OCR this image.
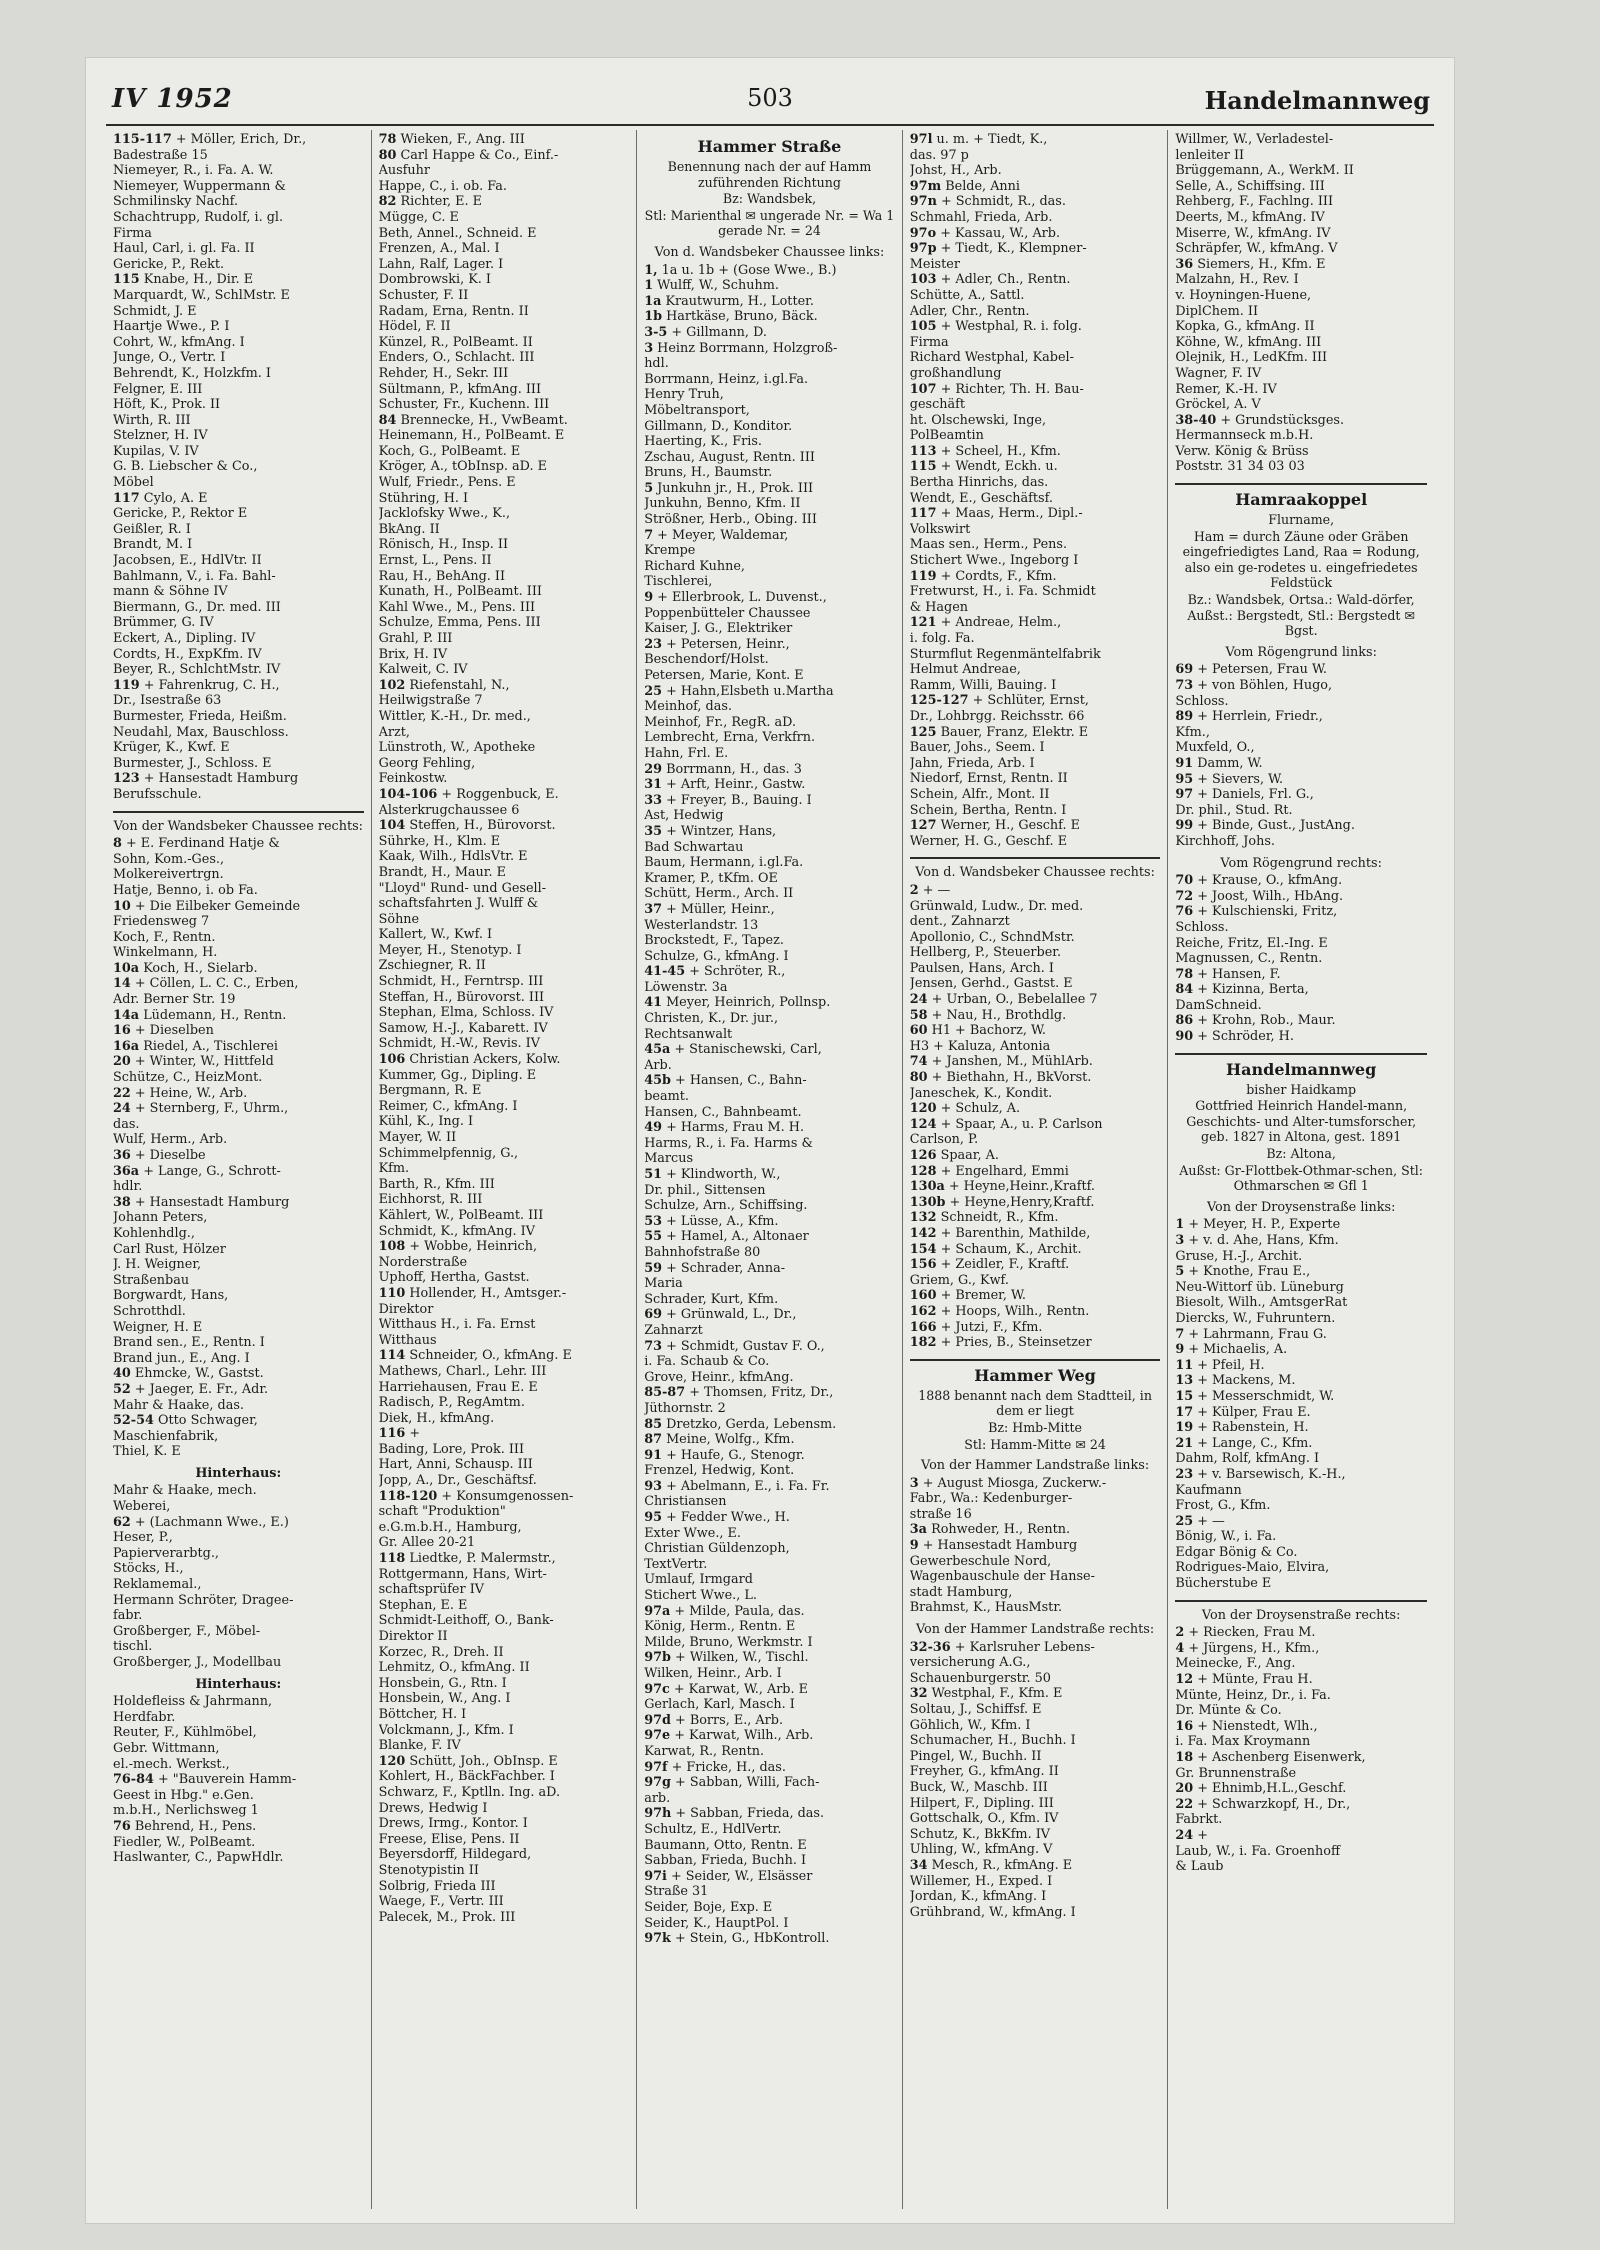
IV 1952	503	Handelmannweg
115-117 + Möller, Erich, Dr.,
Badestraße 15
Niemeyer, R., i. Fa. A. W.
Niemeyer, Wuppermann &
Schmilinsky Nachf.
Schachtrupp, Rudolf, i. gl.
Firma
Haul, Carl, i. gl. Fa. II
Gericke, P., Rekt.
115 Knabe, H., Dir. E
Marquardt, W., SchlMstr. E
Schmidt, J. E
Haartje Wwe., P. I
Cohrt, W., kfmAng. I
Junge, O., Vertr. I
Behrendt, K., Holzkfm. I
Felgner, E. III
Höft, K., Prok. II
Wirth, R. III
Stelzner, H. IV
Kupilas, V. IV
G. B. Liebscher & Co.,
Möbel
117 Cylo, A. E
Gericke, P., Rektor E
Geißler, R. I
Brandt, M. I
Jacobsen, E., HdlVtr. II
Bahlmann, V., i. Fa. Bahl-
mann & Söhne IV
Biermann, G., Dr. med. III
Brümmer, G. IV
Eckert, A., Dipling. IV
Cordts, H., ExpKfm. IV
Beyer, R., SchlchtMstr. IV
119 + Fahrenkrug, C. H.,
Dr., Isestraße 63
Burmester, Frieda, Heißm.
Neudahl, Max, Bauschloss.
Krüger, K., Kwf. E
Burmester, J., Schloss. E
123 + Hansestadt Hamburg
Berufsschule.
Von der Wandsbeker Chaussee rechts:
8 + E. Ferdinand Hatje &
Sohn, Kom.-Ges.,
Molkereivertrgn.
Hatje, Benno, i. ob Fa.
10 + Die Eilbeker Gemeinde
Friedensweg 7
Koch, F., Rentn.
Winkelmann, H.
10a Koch, H., Sielarb.
14 + Cöllen, L. C. C., Erben,
Adr. Berner Str. 19
14a Lüdemann, H., Rentn.
16 + Dieselben
16a Riedel, A., Tischlerei
20 + Winter, W., Hittfeld
Schütze, C., HeizMont.
22 + Heine, W., Arb.
24 + Sternberg, F., Uhrm.,
das.
Wulf, Herm., Arb.
36 + Dieselbe
36a + Lange, G., Schrott-
hdlr.
38 + Hansestadt Hamburg
Johann Peters,
Kohlenhdlg.,
Carl Rust, Hölzer
J. H. Weigner,
Straßenbau
Borgwardt, Hans,
Schrotthdl.
Weigner, H. E
Brand sen., E., Rentn. I
Brand jun., E., Ang. I
40 Ehmcke, W., Gastst.
52 + Jaeger, E. Fr., Adr.
Mahr & Haake, das.
52-54 Otto Schwager,
Maschienfabrik,
Thiel, K. E
Hinterhaus:
Mahr & Haake, mech.
Weberei,
62 + (Lachmann Wwe., E.)
Heser, P.,
Papierverarbtg.,
Stöcks, H.,
Reklamemal.,
Hermann Schröter, Dragee-
fabr.
Großberger, F., Möbel-
tischl.
Großberger, J., Modellbau
Hinterhaus:
Holdefleiss & Jahrmann,
Herdfabr.
Reuter, F., Kühlmöbel,
Gebr. Wittmann,
el.-mech. Werkst.,
76-84 + "Bauverein Hamm-
Geest in Hbg." e.Gen.
m.b.H., Nerlichsweg 1
76 Behrend, H., Pens.
Fiedler, W., PolBeamt.
Haslwanter, C., PapwHdlr.
78 Wieken, F., Ang. III
80 Carl Happe & Co., Einf.-
Ausfuhr
Happe, C., i. ob. Fa.
82 Richter, E. E
Mügge, C. E
Beth, Annel., Schneid. E
Frenzen, A., Mal. I
Lahn, Ralf, Lager. I
Dombrowski, K. I
Schuster, F. II
Radam, Erna, Rentn. II
Hödel, F. II
Künzel, R., PolBeamt. II
Enders, O., Schlacht. III
Rehder, H., Sekr. III
Sültmann, P., kfmAng. III
Schuster, Fr., Kuchenn. III
84 Brennecke, H., VwBeamt.
Heinemann, H., PolBeamt. E
Koch, G., PolBeamt. E
Kröger, A., tObInsp. aD. E
Wulf, Friedr., Pens. E
Stühring, H. I
Jacklofsky Wwe., K.,
BkAng. II
Rönisch, H., Insp. II
Ernst, L., Pens. II
Rau, H., BehAng. II
Kunath, H., PolBeamt. III
Kahl Wwe., M., Pens. III
Schulze, Emma, Pens. III
Grahl, P. III
Brix, H. IV
Kalweit, C. IV
102 Riefenstahl, N.,
Heilwigstraße 7
Wittler, K.-H., Dr. med.,
Arzt,
Lünstroth, W., Apotheke
Georg Fehling,
Feinkostw.
104-106 + Roggenbuck, E.
Alsterkrugchaussee 6
104 Steffen, H., Bürovorst.
Sührke, H., Klm. E
Kaak, Wilh., HdlsVtr. E
Brandt, H., Maur. E
"Lloyd" Rund- und Gesell-
schaftsfahrten J. Wulff &
Söhne
Kallert, W., Kwf. I
Meyer, H., Stenotyp. I
Zschiegner, R. II
Schmidt, H., Ferntrsp. III
Steffan, H., Bürovorst. III
Stephan, Elma, Schloss. IV
Samow, H.-J., Kabarett. IV
Schmidt, H.-W., Revis. IV
106 Christian Ackers, Kolw.
Kummer, Gg., Dipling. E
Bergmann, R. E
Reimer, C., kfmAng. I
Kühl, K., Ing. I
Mayer, W. II
Schimmelpfennig, G.,
Kfm.
Barth, R., Kfm. III
Eichhorst, R. III
Kählert, W., PolBeamt. III
Schmidt, K., kfmAng. IV
108 + Wobbe, Heinrich,
Norderstraße
Uphoff, Hertha, Gastst.
110 Hollender, H., Amtsger.-
Direktor
Witthaus H., i. Fa. Ernst
Witthaus
114 Schneider, O., kfmAng. E
Mathews, Charl., Lehr. III
Harriehausen, Frau E. E
Radisch, P., RegAmtm.
Diek, H., kfmAng.
116 +
Bading, Lore, Prok. III
Hart, Anni, Schausp. III
Jopp, A., Dr., Geschäftsf.
118-120 + Konsumgenossen-
schaft "Produktion"
e.G.m.b.H., Hamburg,
Gr. Allee 20-21
118 Liedtke, P. Malermstr.,
Rottgermann, Hans, Wirt-
schaftsprüfer IV
Stephan, E. E
Schmidt-Leithoff, O., Bank-
Direktor II
Korzec, R., Dreh. II
Lehmitz, O., kfmAng. II
Honsbein, G., Rtn. I
Honsbein, W., Ang. I
Böttcher, H. I
Volckmann, J., Kfm. I
Blanke, F. IV
120 Schütt, Joh., ObInsp. E
Kohlert, H., BäckFachber. I
Schwarz, F., Kptlln. Ing. aD.
Drews, Hedwig I
Drews, Irmg., Kontor. I
Freese, Elise, Pens. II
Beyersdorff, Hildegard,
Stenotypistin II
Solbrig, Frieda III
Waege, F., Vertr. III
Palecek, M., Prok. III
Hammer Straße
Benennung nach der auf Hamm zuführenden Richtung
Bz: Wandsbek,
Stl: Marienthal ✉ ungerade Nr. = Wa 1 gerade Nr. = 24
Von d. Wandsbeker Chaussee links:
1, 1a u. 1b + (Gose Wwe., B.)
1 Wulff, W., Schuhm.
1a Krautwurm, H., Lotter.
1b Hartkäse, Bruno, Bäck.
3-5 + Gillmann, D.
3 Heinz Borrmann, Holzgroß-
hdl.
Borrmann, Heinz, i.gl.Fa.
Henry Truh,
Möbeltransport,
Gillmann, D., Konditor.
Haerting, K., Fris.
Zschau, August, Rentn. III
Bruns, H., Baumstr.
5 Junkuhn jr., H., Prok. III
Junkuhn, Benno, Kfm. II
Strößner, Herb., Obing. III
7 + Meyer, Waldemar,
Krempe
Richard Kuhne,
Tischlerei,
9 + Ellerbrook, L. Duvenst.,
Poppenbütteler Chaussee
Kaiser, J. G., Elektriker
23 + Petersen, Heinr.,
Beschendorf/Holst.
Petersen, Marie, Kont. E
25 + Hahn,Elsbeth u.Martha
Meinhof, das.
Meinhof, Fr., RegR. aD.
Lembrecht, Erna, Verkfrn.
Hahn, Frl. E.
29 Borrmann, H., das. 3
31 + Arft, Heinr., Gastw.
33 + Freyer, B., Bauing. I
Ast, Hedwig
35 + Wintzer, Hans,
Bad Schwartau
Baum, Hermann, i.gl.Fa.
Kramer, P., tKfm. OE
Schütt, Herm., Arch. II
37 + Müller, Heinr.,
Westerlandstr. 13
Brockstedt, F., Tapez.
Schulze, G., kfmAng. I
41-45 + Schröter, R.,
Löwenstr. 3a
41 Meyer, Heinrich, Pollnsp.
Christen, K., Dr. jur.,
Rechtsanwalt
45a + Stanischewski, Carl,
Arb.
45b + Hansen, C., Bahn-
beamt.
Hansen, C., Bahnbeamt.
49 + Harms, Frau M. H.
Harms, R., i. Fa. Harms &
Marcus
51 + Klindworth, W.,
Dr. phil., Sittensen
Schulze, Arn., Schiffsing.
53 + Lüsse, A., Kfm.
55 + Hamel, A., Altonaer
Bahnhofstraße 80
59 + Schrader, Anna-
Maria
Schrader, Kurt, Kfm.
69 + Grünwald, L., Dr.,
Zahnarzt
73 + Schmidt, Gustav F. O.,
i. Fa. Schaub & Co.
Grove, Heinr., kfmAng.
85-87 + Thomsen, Fritz, Dr.,
Jüthornstr. 2
85 Dretzko, Gerda, Lebensm.
87 Meine, Wolfg., Kfm.
91 + Haufe, G., Stenogr.
Frenzel, Hedwig, Kont.
93 + Abelmann, E., i. Fa. Fr.
Christiansen
95 + Fedder Wwe., H.
Exter Wwe., E.
Christian Güldenzoph,
TextVertr.
Umlauf, Irmgard
Stichert Wwe., L.
97a + Milde, Paula, das.
König, Herm., Rentn. E
Milde, Bruno, Werkmstr. I
97b + Wilken, W., Tischl.
Wilken, Heinr., Arb. I
97c + Karwat, W., Arb. E
Gerlach, Karl, Masch. I
97d + Borrs, E., Arb.
97e + Karwat, Wilh., Arb.
Karwat, R., Rentn.
97f + Fricke, H., das.
97g + Sabban, Willi, Fach-
arb.
97h + Sabban, Frieda, das.
Schultz, E., HdlVertr.
Baumann, Otto, Rentn. E
Sabban, Frieda, Buchh. I
97i + Seider, W., Elsässer
Straße 31
Seider, Boje, Exp. E
Seider, K., HauptPol. I
97k + Stein, G., HbKontroll.
97l u. m. + Tiedt, K.,
das. 97 p
Johst, H., Arb.
97m Belde, Anni
97n + Schmidt, R., das.
Schmahl, Frieda, Arb.
97o + Kassau, W., Arb.
97p + Tiedt, K., Klempner-
Meister
103 + Adler, Ch., Rentn.
Schütte, A., Sattl.
Adler, Chr., Rentn.
105 + Westphal, R. i. folg.
Firma
Richard Westphal, Kabel-
großhandlung
107 + Richter, Th. H. Bau-
geschäft
ht. Olschewski, Inge,
PolBeamtin
113 + Scheel, H., Kfm.
115 + Wendt, Eckh. u.
Bertha Hinrichs, das.
Wendt, E., Geschäftsf.
117 + Maas, Herm., Dipl.-
Volkswirt
Maas sen., Herm., Pens.
Stichert Wwe., Ingeborg I
119 + Cordts, F., Kfm.
Fretwurst, H., i. Fa. Schmidt
& Hagen
121 + Andreae, Helm.,
i. folg. Fa.
Sturmflut Regenmäntelfabrik
Helmut Andreae,
Ramm, Willi, Bauing. I
125-127 + Schlüter, Ernst,
Dr., Lohbrgg. Reichsstr. 66
125 Bauer, Franz, Elektr. E
Bauer, Johs., Seem. I
Jahn, Frieda, Arb. I
Niedorf, Ernst, Rentn. II
Schein, Alfr., Mont. II
Schein, Bertha, Rentn. I
127 Werner, H., Geschf. E
Werner, H. G., Geschf. E
Von d. Wandsbeker Chaussee rechts:
2 + —
Grünwald, Ludw., Dr. med.
dent., Zahnarzt
Apollonio, C., SchndMstr.
Hellberg, P., Steuerber.
Paulsen, Hans, Arch. I
Jensen, Gerhd., Gastst. E
24 + Urban, O., Bebelallee 7
58 + Nau, H., Brothdlg.
60 H1 + Bachorz, W.
H3 + Kaluza, Antonia
74 + Janshen, M., MühlArb.
80 + Biethahn, H., BkVorst.
Janeschek, K., Kondit.
120 + Schulz, A.
124 + Spaar, A., u. P. Carlson
Carlson, P.
126 Spaar, A.
128 + Engelhard, Emmi
130a + Heyne,Heinr.,Kraftf.
130b + Heyne,Henry,Kraftf.
132 Schneidt, R., Kfm.
142 + Barenthin, Mathilde,
154 + Schaum, K., Archit.
156 + Zeidler, F., Kraftf.
Griem, G., Kwf.
160 + Bremer, W.
162 + Hoops, Wilh., Rentn.
166 + Jutzi, F., Kfm.
182 + Pries, B., Steinsetzer
Hammer Weg
1888 benannt nach dem Stadtteil, in dem er liegt
Bz: Hmb-Mitte
Stl: Hamm-Mitte ✉ 24
Von der Hammer Landstraße links:
3 + August Miosga, Zuckerw.-
Fabr., Wa.: Kedenburger-
straße 16
3a Rohweder, H., Rentn.
9 + Hansestadt Hamburg
Gewerbeschule Nord,
Wagenbauschule der Hanse-
stadt Hamburg,
Brahmst, K., HausMstr.
Von der Hammer Landstraße rechts:
32-36 + Karlsruher Lebens-
versicherung A.G.,
Schauenburgerstr. 50
32 Westphal, F., Kfm. E
Soltau, J., Schiffsf. E
Göhlich, W., Kfm. I
Schumacher, H., Buchh. I
Pingel, W., Buchh. II
Freyher, G., kfmAng. II
Buck, W., Maschb. III
Hilpert, F., Dipling. III
Gottschalk, O., Kfm. IV
Schutz, K., BkKfm. IV
Uhling, W., kfmAng. V
34 Mesch, R., kfmAng. E
Willemer, H., Exped. I
Jordan, K., kfmAng. I
Grühbrand, W., kfmAng. I
Willmer, W., Verladestel-
lenleiter II
Brüggemann, A., WerkM. II
Selle, A., Schiffsing. III
Rehberg, F., Fachlng. III
Deerts, M., kfmAng. IV
Miserre, W., kfmAng. IV
Schräpfer, W., kfmAng. V
36 Siemers, H., Kfm. E
Malzahn, H., Rev. I
v. Hoyningen-Huene,
DiplChem. II
Kopka, G., kfmAng. II
Köhne, W., kfmAng. III
Olejnik, H., LedKfm. III
Wagner, F. IV
Remer, K.-H. IV
Gröckel, A. V
38-40 + Grundstücksges.
Hermannseck m.b.H.
Verw. König & Brüss
Poststr. 31 34 03 03
Hamraakoppel
Flurname,
Ham = durch Zäune oder Gräben eingefriedigtes Land, Raa = Rodung, also ein ge-rodetes u. eingefriedetes Feldstück
Bz.: Wandsbek, Ortsa.: Wald-dörfer, Außst.: Bergstedt, Stl.: Bergstedt ✉ Bgst.
Vom Rögengrund links:
69 + Petersen, Frau W.
73 + von Böhlen, Hugo,
Schloss.
89 + Herrlein, Friedr.,
Kfm.,
Muxfeld, O.,
91 Damm, W.
95 + Sievers, W.
97 + Daniels, Frl. G.,
Dr. phil., Stud. Rt.
99 + Binde, Gust., JustAng.
Kirchhoff, Johs.
Vom Rögengrund rechts:
70 + Krause, O., kfmAng.
72 + Joost, Wilh., HbAng.
76 + Kulschienski, Fritz,
Schloss.
Reiche, Fritz, El.-Ing. E
Magnussen, C., Rentn.
78 + Hansen, F.
84 + Kizinna, Berta,
DamSchneid.
86 + Krohn, Rob., Maur.
90 + Schröder, H.
Handelmannweg
bisher Haidkamp
Gottfried Heinrich Handel-mann, Geschichts- und Alter-tumsforscher, geb. 1827 in Altona, gest. 1891
Bz: Altona,
Außst: Gr-Flottbek-Othmar-schen, Stl: Othmarschen ✉ Gfl 1
Von der Droysenstraße links:
1 + Meyer, H. P., Experte
3 + v. d. Ahe, Hans, Kfm.
Gruse, H.-J., Archit.
5 + Knothe, Frau E.,
Neu-Wittorf üb. Lüneburg
Biesolt, Wilh., AmtsgerRat
Diercks, W., Fuhruntern.
7 + Lahrmann, Frau G.
9 + Michaelis, A.
11 + Pfeil, H.
13 + Mackens, M.
15 + Messerschmidt, W.
17 + Külper, Frau E.
19 + Rabenstein, H.
21 + Lange, C., Kfm.
Dahm, Rolf, kfmAng. I
23 + v. Barsewisch, K.-H.,
Kaufmann
Frost, G., Kfm.
25 + —
Bönig, W., i. Fa.
Edgar Bönig & Co.
Rodrigues-Maio, Elvira,
Bücherstube E
Von der Droysenstraße rechts:
2 + Riecken, Frau M.
4 + Jürgens, H., Kfm.,
Meinecke, F., Ang.
12 + Münte, Frau H.
Münte, Heinz, Dr., i. Fa.
Dr. Münte & Co.
16 + Nienstedt, Wlh.,
i. Fa. Max Kroymann
18 + Aschenberg Eisenwerk,
Gr. Brunnenstraße
20 + Ehnimb,H.L.,Geschf.
22 + Schwarzkopf, H., Dr.,
Fabrkt.
24 +
Laub, W., i. Fa. Groenhoff
& Laub
